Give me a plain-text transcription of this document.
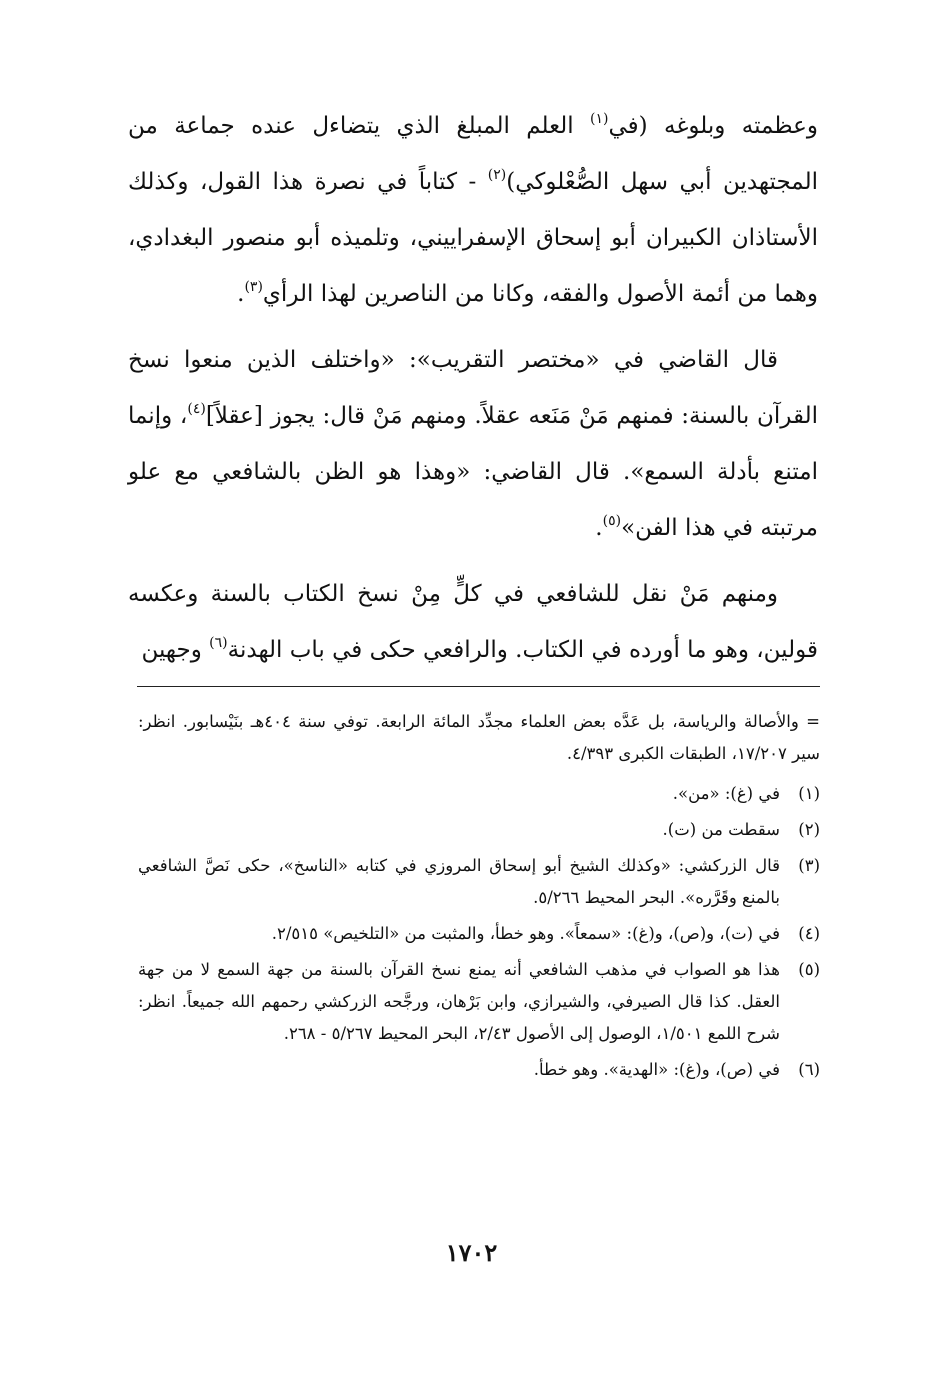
وعظمته وبلوغه (في$^{(١)}$ العلم المبلغ الذي يتضاءل عنده جماعة من المجتهدين أبي سهل الصُّعْلوكي)$^{(٢)}$ - كتاباً في نصرة هذا القول، وكذلك الأستاذان الكبيران أبو إسحاق الإسفراييني، وتلميذه أبو منصور البغدادي، وهما من أئمة الأصول والفقه، وكانا من الناصرين لهذا الرأي$^{(٣)}$.

قال القاضي في «مختصر التقريب»: «واختلف الذين منعوا نسخ القرآن بالسنة: فمنهم مَنْ مَنَعه عقلاً. ومنهم مَنْ قال: يجوز [عقلاً]$^{(٤)}$، وإنما امتنع بأدلة السمع». قال القاضي: «وهذا هو الظن بالشافعي مع علو مرتبته في هذا الفن»$^{(٥)}$.

ومنهم مَنْ نقل للشافعي في كلٍّ مِنْ نسخ الكتاب بالسنة وعكسه قولين، وهو ما أورده في الكتاب. والرافعي حكى في باب الهدنة$^{(٦)}$ وجهين

= والأصالة والرياسة، بل عَدَّه بعض العلماء مجدِّد المائة الرابعة. توفي سنة ٤٠٤هـ بنَيْسابور. انظر: سير ١٧/٢٠٧، الطبقات الكبرى ٤/٣٩٣.

(١)
في (غ): «من».

(٢)
سقطت من (ت).

(٣)
قال الزركشي: «وكذلك الشيخ أبو إسحاق المروزي في كتابه «الناسخ»، حكى نَصَّ الشافعي بالمنع وقَرَّره». البحر المحيط ٥/٢٦٦.

(٤)
في (ت)، و(ص)، و(غ): «سمعاً». وهو خطأ، والمثبت من «التلخيص» ٢/٥١٥.

(٥)
هذا هو الصواب في مذهب الشافعي أنه يمنع نسخ القرآن بالسنة من جهة السمع لا من جهة العقل. كذا قال الصيرفي، والشيرازي، وابن بَرْهان، ورجَّحه الزركشي رحمهم الله جميعاً. انظر: شرح اللمع ١/٥٠١، الوصول إلى الأصول ٢/٤٣، البحر المحيط ٥/٢٦٧ - ٢٦٨.

(٦)
في (ص)، و(غ): «الهدية». وهو خطأ.

١٧٠٢
